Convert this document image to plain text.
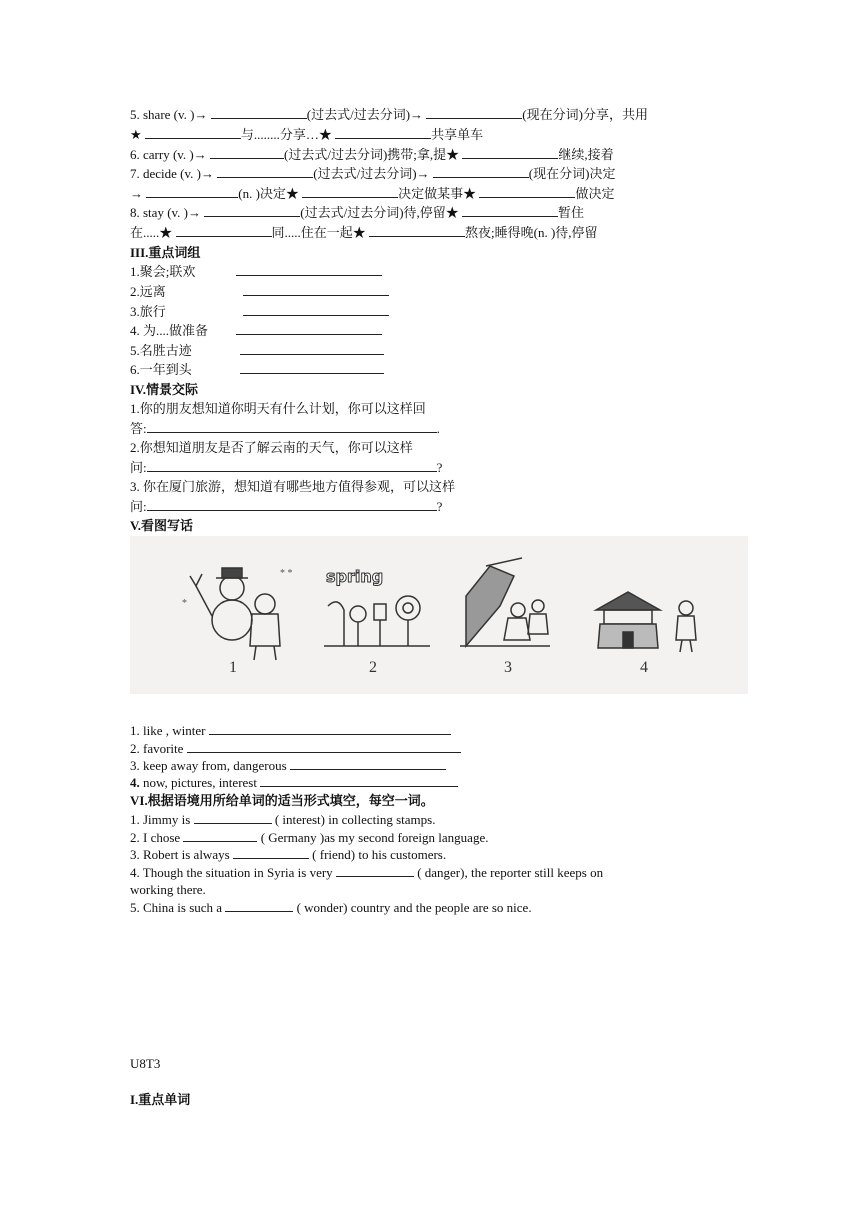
5. share (v. )→	(过去式/过去分词)→	(现在分词)分享，共用
★	与........分享…★	共享单车
6. carry (v. )→	(过去式/过去分词)携带;拿,提★	继续,接着
7. decide (v. )→	(过去式/过去分词)→	(现在分词)决定
→	(n. )决定★	决定做某事★	做决定
8. stay (v. )→	(过去式/过去分词)待,停留★	暂住
在.....★	同.....住在一起★	熬夜;睡得晚(n. )待,停留
III.重点词组
1.聚会;联欢
2.远离
3.旅行
4. 为....做准备
5.名胜古迹
6.一年到头
IV.情景交际
1.你的朋友想知道你明天有什么计划，你可以这样回
答:	.
2.你想知道朋友是否了解云南的天气，你可以这样
问:	?
3. 你在厦门旅游，想知道有哪些地方值得参观，可以这样
问:	?
V.看图写话
* *
*
1
spring
2	3	4
1. like , winter
2. favorite
3. keep away from, dangerous
4. now, pictures, interest
VI.根据语境用所给单词的适当形式填空，每空一词。
1. Jimmy is	( interest) in collecting stamps.
2. I chose	( Germany )as my second foreign language.
3. Robert is always	( friend) to his customers.
4. Though the situation in Syria is very	( danger), the reporter still keeps on
working there.
5. China is such a	( wonder) country and the people are so nice.
U8T3
I.重点单词
